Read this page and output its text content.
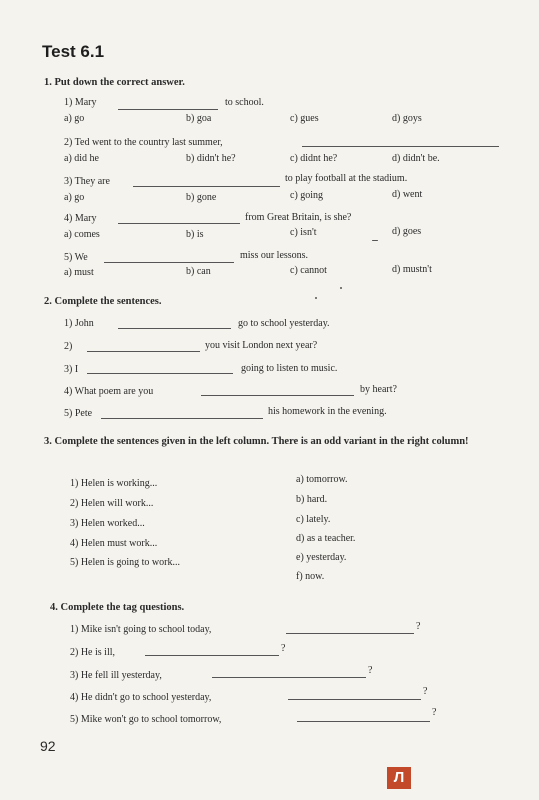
Test 6.1
1. Put down the correct answer.
1) Mary	to school.
a) go	b) goa	c) gues	d) goys
2) Ted went to the country last summer,
a) did he	b) didn't he?	c) didnt he?	d) didn't be.
3) They are	to play football at the stadium.
a) go	b) gone	c) going	d) went
4) Mary	from Great Britain, is she?
a) comes	b) is	c) isn't	d) goes
5) We	miss our lessons.
a) must	b) can	c) cannot	d) mustn't
2. Complete the sentences.
1) John	go to school yesterday.
2)	you visit London next year?
3) I	going to listen to music.
4) What poem are you	by heart?
5) Pete	his homework in the evening.
3. Complete the sentences given in the left column. There is an odd variant in the right column!
1) Helen is working...
2) Helen will work...
3) Helen worked...
4) Helen must work...
5) Helen is going to work...
a) tomorrow.
b) hard.
c) lately.
d) as a teacher.
e) yesterday.
f) now.
4. Complete the tag questions.
1) Mike isn't going to school today,	?
2) He is ill,	?
3) He fell ill yesterday,	?
4) He didn't go to school yesterday,
?
5) Mike won't go to school tomorrow,
?
92
Л
